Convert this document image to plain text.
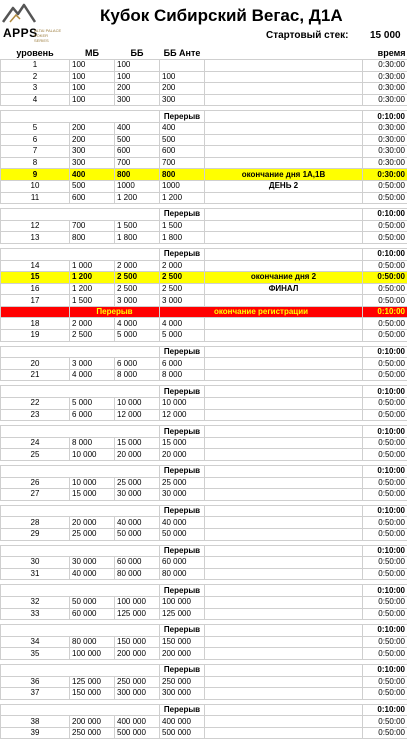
APPS
ALTAI PALACE
POKER SERIES
Кубок Сибирский Вегас, Д1А
Стартовый стек: 15 000
уровень	МБ	ББ	ББ Анте		время
1	100	100			0:30:00
2	100	100	100		0:30:00
3	100	200	200		0:30:00
4	100	300	300		0:30:00

			Перерыв		0:10:00
5	200	400	400		0:30:00
6	200	500	500		0:30:00
7	300	600	600		0:30:00
8	300	700	700		0:30:00
9	400	800	800	окончание дня 1А,1В	0:30:00
10	500	1000	1000	ДЕНЬ 2	0:50:00
11	600	1 200	1 200		0:50:00

			Перерыв		0:10:00
12	700	1 500	1 500		0:50:00
13	800	1 800	1 800		0:50:00

			Перерыв		0:10:00
14	1 000	2 000	2 000		0:50:00
15	1 200	2 500	2 500	окончание дня 2	0:50:00
16	1 200	2 500	2 500	ФИНАЛ	0:50:00
17	1 500	3 000	3 000		0:50:00
	Перерыв		окончание регистрации		0:10:00
18	2 000	4 000	4 000		0:50:00
19	2 500	5 000	5 000		0:50:00

			Перерыв		0:10:00
20	3 000	6 000	6 000		0:50:00
21	4 000	8 000	8 000		0:50:00

			Перерыв		0:10:00
22	5 000	10 000	10 000		0:50:00
23	6 000	12 000	12 000		0:50:00

			Перерыв		0:10:00
24	8 000	15 000	15 000		0:50:00
25	10 000	20 000	20 000		0:50:00

			Перерыв		0:10:00
26	10 000	25 000	25 000		0:50:00
27	15 000	30 000	30 000		0:50:00

			Перерыв		0:10:00
28	20 000	40 000	40 000		0:50:00
29	25 000	50 000	50 000		0:50:00

			Перерыв		0:10:00
30	30 000	60 000	60 000		0:50:00
31	40 000	80 000	80 000		0:50:00

			Перерыв		0:10:00
32	50 000	100 000	100 000		0:50:00
33	60 000	125 000	125 000		0:50:00

			Перерыв		0:10:00
34	80 000	150 000	150 000		0:50:00
35	100 000	200 000	200 000		0:50:00

			Перерыв		0:10:00
36	125 000	250 000	250 000		0:50:00
37	150 000	300 000	300 000		0:50:00

			Перерыв		0:10:00
38	200 000	400 000	400 000		0:50:00
39	250 000	500 000	500 000		0:50:00
